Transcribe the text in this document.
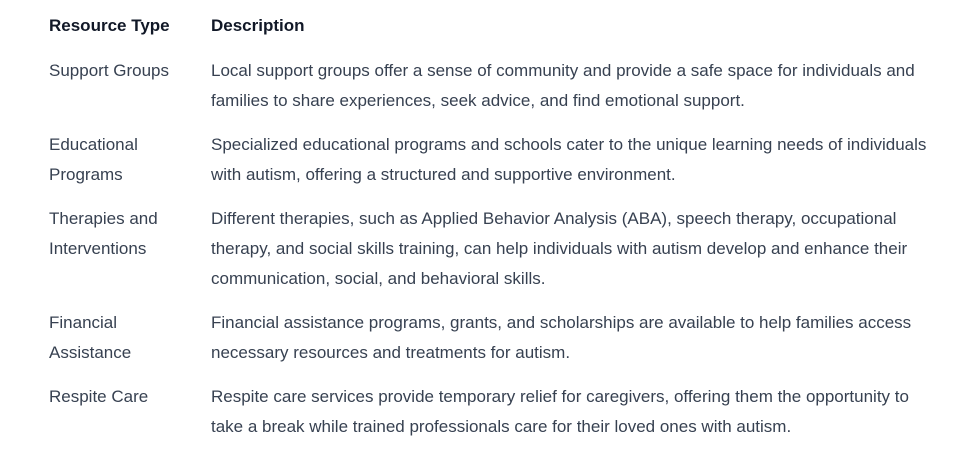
Resource Type	Description
Support Groups	Local support groups offer a sense of community and provide a safe space for individuals and families to share experiences, seek advice, and find emotional support.
Educational Programs	Specialized educational programs and schools cater to the unique learning needs of individuals with autism, offering a structured and supportive environment.
Therapies and Interventions	Different therapies, such as Applied Behavior Analysis (ABA), speech therapy, occupational therapy, and social skills training, can help individuals with autism develop and enhance their communication, social, and behavioral skills.
Financial Assistance	Financial assistance programs, grants, and scholarships are available to help families access necessary resources and treatments for autism.
Respite Care	Respite care services provide temporary relief for caregivers, offering them the opportunity to take a break while trained professionals care for their loved ones with autism.
